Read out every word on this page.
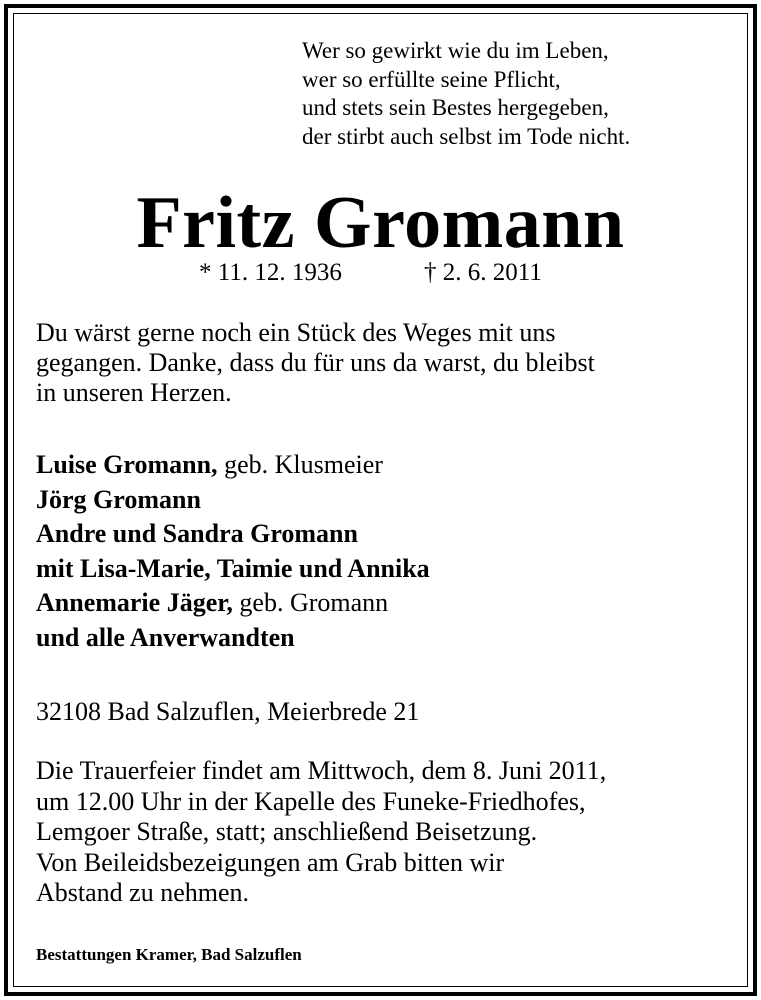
Wer so gewirkt wie du im Leben,
wer so erfüllte seine Pflicht,
und stets sein Bestes hergegeben,
der stirbt auch selbst im Tode nicht.
Fritz Gromann
* 11. 12. 1936	† 2. 6. 2011
Du wärst gerne noch ein Stück des Weges mit uns
gegangen. Danke, dass du für uns da warst, du bleibst
in unseren Herzen.
Luise Gromann, geb. Klusmeier
Jörg Gromann
Andre und Sandra Gromann
mit Lisa-Marie, Taimie und Annika
Annemarie Jäger, geb. Gromann
und alle Anverwandten
32108 Bad Salzuflen, Meierbrede 21
Die Trauerfeier findet am Mittwoch, dem 8. Juni 2011,
um 12.00 Uhr in der Kapelle des Funeke-Friedhofes,
Lemgoer Straße, statt; anschließend Beisetzung.
Von Beileidsbezeigungen am Grab bitten wir
Abstand zu nehmen.
Bestattungen Kramer, Bad Salzuflen
